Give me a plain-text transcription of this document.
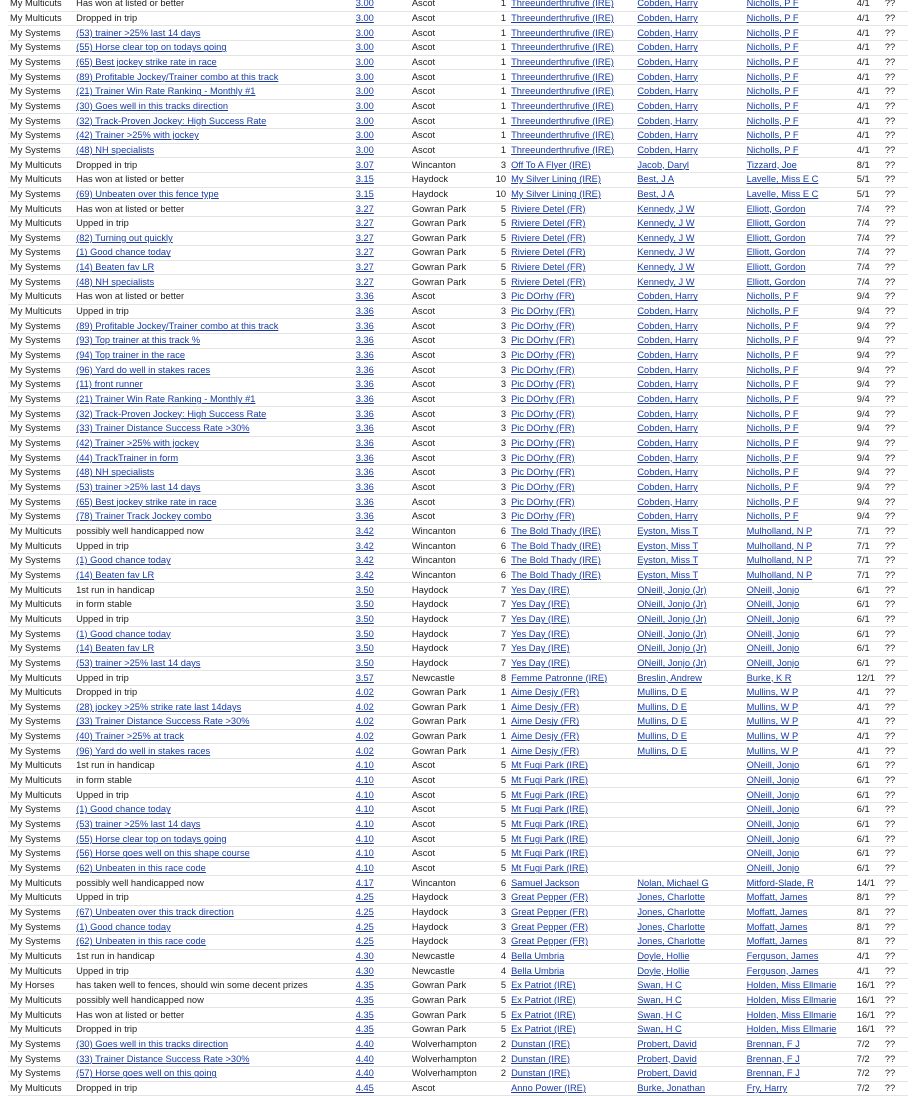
My Multicuts	Has won at listed or better	3.00	Ascot	1	Threeunderthrufive (IRE)	Cobden, Harry	Nicholls, P F	4/1	??
My Multicuts	Dropped in trip	3.00	Ascot	1	Threeunderthrufive (IRE)	Cobden, Harry	Nicholls, P F	4/1	??
My Systems	(53) trainer >25% last 14 days	3.00	Ascot	1	Threeunderthrufive (IRE)	Cobden, Harry	Nicholls, P F	4/1	??
My Systems	(55) Horse clear top on todays going	3.00	Ascot	1	Threeunderthrufive (IRE)	Cobden, Harry	Nicholls, P F	4/1	??
My Systems	(65) Best jockey strike rate in race	3.00	Ascot	1	Threeunderthrufive (IRE)	Cobden, Harry	Nicholls, P F	4/1	??
My Systems	(89) Profitable Jockey/Trainer combo at this track	3.00	Ascot	1	Threeunderthrufive (IRE)	Cobden, Harry	Nicholls, P F	4/1	??
My Systems	(21) Trainer Win Rate Ranking - Monthly #1	3.00	Ascot	1	Threeunderthrufive (IRE)	Cobden, Harry	Nicholls, P F	4/1	??
My Systems	(30) Goes well in this tracks direction	3.00	Ascot	1	Threeunderthrufive (IRE)	Cobden, Harry	Nicholls, P F	4/1	??
My Systems	(32) Track-Proven Jockey: High Success Rate	3.00	Ascot	1	Threeunderthrufive (IRE)	Cobden, Harry	Nicholls, P F	4/1	??
My Systems	(42) Trainer >25% with jockey	3.00	Ascot	1	Threeunderthrufive (IRE)	Cobden, Harry	Nicholls, P F	4/1	??
My Systems	(48) NH specialists	3.00	Ascot	1	Threeunderthrufive (IRE)	Cobden, Harry	Nicholls, P F	4/1	??
My Multicuts	Dropped in trip	3.07	Wincanton	3	Off To A Flyer (IRE)	Jacob, Daryl	Tizzard, Joe	8/1	??
My Multicuts	Has won at listed or better	3.15	Haydock	10	My Silver Lining (IRE)	Best, J A	Lavelle, Miss E C	5/1	??
My Systems	(69) Unbeaten over this fence type	3.15	Haydock	10	My Silver Lining (IRE)	Best, J A	Lavelle, Miss E C	5/1	??
My Multicuts	Has won at listed or better	3.27	Gowran Park	5	Riviere Detel (FR)	Kennedy, J W	Elliott, Gordon	7/4	??
My Multicuts	Upped in trip	3.27	Gowran Park	5	Riviere Detel (FR)	Kennedy, J W	Elliott, Gordon	7/4	??
My Systems	(82) Turning out quickly	3.27	Gowran Park	5	Riviere Detel (FR)	Kennedy, J W	Elliott, Gordon	7/4	??
My Systems	(1) Good chance today	3.27	Gowran Park	5	Riviere Detel (FR)	Kennedy, J W	Elliott, Gordon	7/4	??
My Systems	(14) Beaten fav LR	3.27	Gowran Park	5	Riviere Detel (FR)	Kennedy, J W	Elliott, Gordon	7/4	??
My Systems	(48) NH specialists	3.27	Gowran Park	5	Riviere Detel (FR)	Kennedy, J W	Elliott, Gordon	7/4	??
My Multicuts	Has won at listed or better	3.36	Ascot	3	Pic DOrhy (FR)	Cobden, Harry	Nicholls, P F	9/4	??
My Multicuts	Upped in trip	3.36	Ascot	3	Pic DOrhy (FR)	Cobden, Harry	Nicholls, P F	9/4	??
My Systems	(89) Profitable Jockey/Trainer combo at this track	3.36	Ascot	3	Pic DOrhy (FR)	Cobden, Harry	Nicholls, P F	9/4	??
My Systems	(93) Top trainer at this track %	3.36	Ascot	3	Pic DOrhy (FR)	Cobden, Harry	Nicholls, P F	9/4	??
My Systems	(94) Top trainer in the race	3.36	Ascot	3	Pic DOrhy (FR)	Cobden, Harry	Nicholls, P F	9/4	??
My Systems	(96) Yard do well in stakes races	3.36	Ascot	3	Pic DOrhy (FR)	Cobden, Harry	Nicholls, P F	9/4	??
My Systems	(11) front runner	3.36	Ascot	3	Pic DOrhy (FR)	Cobden, Harry	Nicholls, P F	9/4	??
My Systems	(21) Trainer Win Rate Ranking - Monthly #1	3.36	Ascot	3	Pic DOrhy (FR)	Cobden, Harry	Nicholls, P F	9/4	??
My Systems	(32) Track-Proven Jockey: High Success Rate	3.36	Ascot	3	Pic DOrhy (FR)	Cobden, Harry	Nicholls, P F	9/4	??
My Systems	(33) Trainer Distance Success Rate >30%	3.36	Ascot	3	Pic DOrhy (FR)	Cobden, Harry	Nicholls, P F	9/4	??
My Systems	(42) Trainer >25% with jockey	3.36	Ascot	3	Pic DOrhy (FR)	Cobden, Harry	Nicholls, P F	9/4	??
My Systems	(44) TrackTrainer in form	3.36	Ascot	3	Pic DOrhy (FR)	Cobden, Harry	Nicholls, P F	9/4	??
My Systems	(48) NH specialists	3.36	Ascot	3	Pic DOrhy (FR)	Cobden, Harry	Nicholls, P F	9/4	??
My Systems	(53) trainer >25% last 14 days	3.36	Ascot	3	Pic DOrhy (FR)	Cobden, Harry	Nicholls, P F	9/4	??
My Systems	(65) Best jockey strike rate in race	3.36	Ascot	3	Pic DOrhy (FR)	Cobden, Harry	Nicholls, P F	9/4	??
My Systems	(78) Trainer Track Jockey combo	3.36	Ascot	3	Pic DOrhy (FR)	Cobden, Harry	Nicholls, P F	9/4	??
My Multicuts	possibly well handicapped now	3.42	Wincanton	6	The Bold Thady (IRE)	Eyston, Miss T	Mulholland, N P	7/1	??
My Multicuts	Upped in trip	3.42	Wincanton	6	The Bold Thady (IRE)	Eyston, Miss T	Mulholland, N P	7/1	??
My Systems	(1) Good chance today	3.42	Wincanton	6	The Bold Thady (IRE)	Eyston, Miss T	Mulholland, N P	7/1	??
My Systems	(14) Beaten fav LR	3.42	Wincanton	6	The Bold Thady (IRE)	Eyston, Miss T	Mulholland, N P	7/1	??
My Multicuts	1st run in handicap	3.50	Haydock	7	Yes Day (IRE)	ONeill, Jonjo (Jr)	ONeill, Jonjo	6/1	??
My Multicuts	in form stable	3.50	Haydock	7	Yes Day (IRE)	ONeill, Jonjo (Jr)	ONeill, Jonjo	6/1	??
My Multicuts	Upped in trip	3.50	Haydock	7	Yes Day (IRE)	ONeill, Jonjo (Jr)	ONeill, Jonjo	6/1	??
My Systems	(1) Good chance today	3.50	Haydock	7	Yes Day (IRE)	ONeill, Jonjo (Jr)	ONeill, Jonjo	6/1	??
My Systems	(14) Beaten fav LR	3.50	Haydock	7	Yes Day (IRE)	ONeill, Jonjo (Jr)	ONeill, Jonjo	6/1	??
My Systems	(53) trainer >25% last 14 days	3.50	Haydock	7	Yes Day (IRE)	ONeill, Jonjo (Jr)	ONeill, Jonjo	6/1	??
My Multicuts	Upped in trip	3.57	Newcastle	8	Femme Patronne (IRE)	Breslin, Andrew	Burke, K R	12/1	??
My Multicuts	Dropped in trip	4.02	Gowran Park	1	Aime Desjy (FR)	Mullins, D E	Mullins, W P	4/1	??
My Systems	(28) jockey >25% strike rate last 14days	4.02	Gowran Park	1	Aime Desjy (FR)	Mullins, D E	Mullins, W P	4/1	??
My Systems	(33) Trainer Distance Success Rate >30%	4.02	Gowran Park	1	Aime Desjy (FR)	Mullins, D E	Mullins, W P	4/1	??
My Systems	(40) Trainer >25% at track	4.02	Gowran Park	1	Aime Desjy (FR)	Mullins, D E	Mullins, W P	4/1	??
My Systems	(96) Yard do well in stakes races	4.02	Gowran Park	1	Aime Desjy (FR)	Mullins, D E	Mullins, W P	4/1	??
My Multicuts	1st run in handicap	4.10	Ascot	5	Mt Fugi Park (IRE)		ONeill, Jonjo	6/1	??
My Multicuts	in form stable	4.10	Ascot	5	Mt Fugi Park (IRE)		ONeill, Jonjo	6/1	??
My Multicuts	Upped in trip	4.10	Ascot	5	Mt Fugi Park (IRE)		ONeill, Jonjo	6/1	??
My Systems	(1) Good chance today	4.10	Ascot	5	Mt Fugi Park (IRE)		ONeill, Jonjo	6/1	??
My Systems	(53) trainer >25% last 14 days	4.10	Ascot	5	Mt Fugi Park (IRE)		ONeill, Jonjo	6/1	??
My Systems	(55) Horse clear top on todays going	4.10	Ascot	5	Mt Fugi Park (IRE)		ONeill, Jonjo	6/1	??
My Systems	(56) Horse goes well on this shape course	4.10	Ascot	5	Mt Fugi Park (IRE)		ONeill, Jonjo	6/1	??
My Systems	(62) Unbeaten in this race code	4.10	Ascot	5	Mt Fugi Park (IRE)		ONeill, Jonjo	6/1	??
My Multicuts	possibly well handicapped now	4.17	Wincanton	6	Samuel Jackson	Nolan, Michael G	Mitford-Slade, R	14/1	??
My Multicuts	Upped in trip	4.25	Haydock	3	Great Pepper (FR)	Jones, Charlotte	Moffatt, James	8/1	??
My Systems	(67) Unbeaten over this track direction	4.25	Haydock	3	Great Pepper (FR)	Jones, Charlotte	Moffatt, James	8/1	??
My Systems	(1) Good chance today	4.25	Haydock	3	Great Pepper (FR)	Jones, Charlotte	Moffatt, James	8/1	??
My Systems	(62) Unbeaten in this race code	4.25	Haydock	3	Great Pepper (FR)	Jones, Charlotte	Moffatt, James	8/1	??
My Multicuts	1st run in handicap	4.30	Newcastle	4	Bella Umbria	Doyle, Hollie	Ferguson, James	4/1	??
My Multicuts	Upped in trip	4.30	Newcastle	4	Bella Umbria	Doyle, Hollie	Ferguson, James	4/1	??
My Horses	has taken well to fences, should win some decent prizes	4.35	Gowran Park	5	Ex Patriot (IRE)	Swan, H C	Holden, Miss Ellmarie	16/1	??
My Multicuts	possibly well handicapped now	4.35	Gowran Park	5	Ex Patriot (IRE)	Swan, H C	Holden, Miss Ellmarie	16/1	??
My Multicuts	Has won at listed or better	4.35	Gowran Park	5	Ex Patriot (IRE)	Swan, H C	Holden, Miss Ellmarie	16/1	??
My Multicuts	Dropped in trip	4.35	Gowran Park	5	Ex Patriot (IRE)	Swan, H C	Holden, Miss Ellmarie	16/1	??
My Systems	(30) Goes well in this tracks direction	4.40	Wolverhampton	2	Dunstan (IRE)	Probert, David	Brennan, F J	7/2	??
My Systems	(33) Trainer Distance Success Rate >30%	4.40	Wolverhampton	2	Dunstan (IRE)	Probert, David	Brennan, F J	7/2	??
My Systems	(57) Horse goes well on this going	4.40	Wolverhampton	2	Dunstan (IRE)	Probert, David	Brennan, F J	7/2	??
My Multicuts	Dropped in trip	4.45	Ascot		Anno Power (IRE)	Burke, Jonathan	Fry, Harry	7/2	??
